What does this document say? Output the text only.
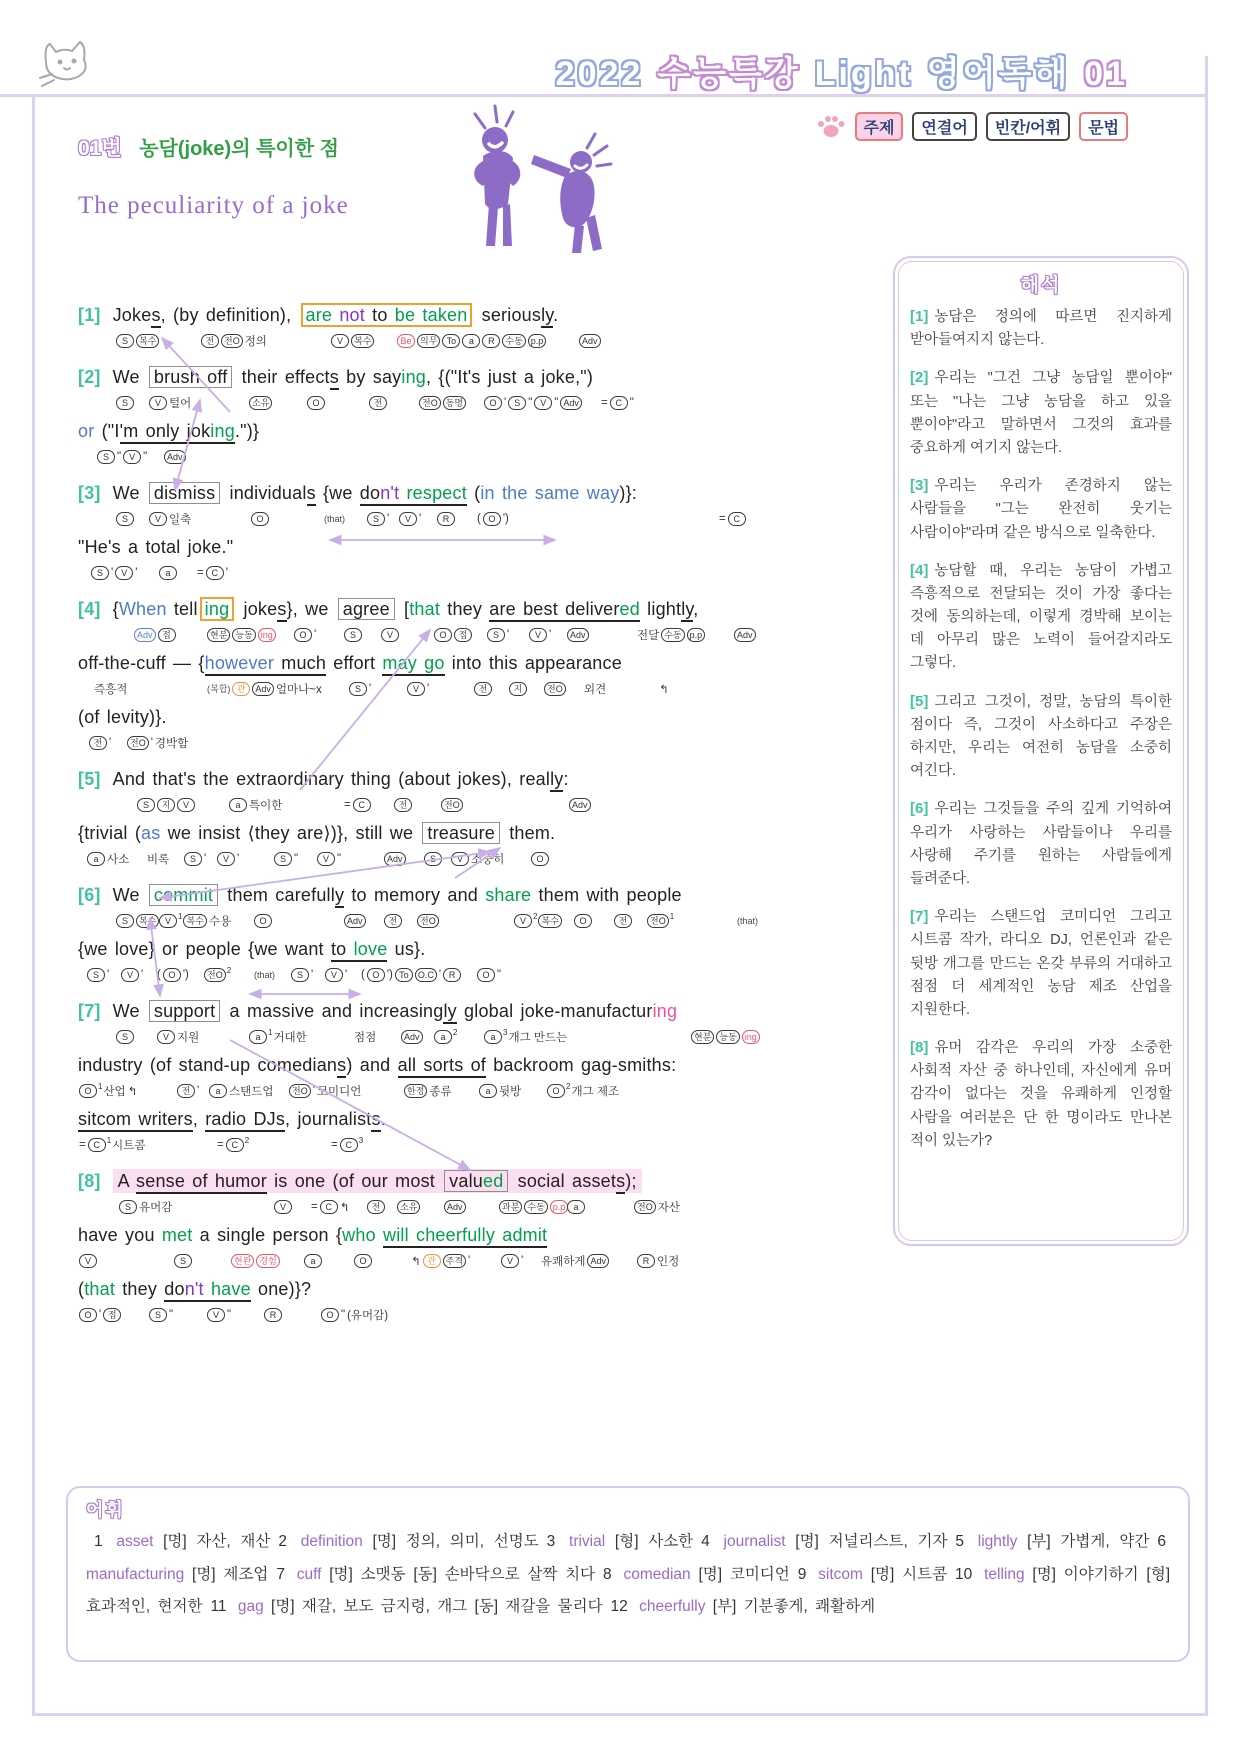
2022 수능특강 Light 영어독해 01
주제	연결어	빈칸/어휘	문법
01번 농담(joke)의 특이한 점
The peculiarity of a joke
[1] Jokes, (by definition), are not to be taken seriously.
S 복수	전 전O 정의	V 복수	Be 의무 To a R 수동 p.p	Adv
[2] We brush off their effects by saying, {("It's just a joke,")
S	V 털어	소유	O	전	전O 동명	O ' S " V " Adv	= C "
or ("I'm only joking.")}
S " V "	Adv
[3] We dismiss individuals {we don't respect (in the same way)}:
S	V 일축	O	(that)	S '	V '	R	( O ')	= C
"He's a total joke."
S ' V '	a	= C '
[4] {When tell ing jokes}, we agree [that they are best delivered lightly,
Adv 접	현분 능동 ing	O '	S	V	O 접	S '	V '	Adv	전달 수동 p.p	Adv
off-the-cuff — {however much effort may go into this appearance
즉흥적	(복합) 관 Adv 얼마나~x	S '	V '	전	지	전O	외견	↰
(of levity)}.
전 '	전O ' 경박함
[5] And that's the extraordinary thing (about jokes), really:
S 지 V	a 특이한	= C	전	전O	Adv
{trivial (as we insist ⟨they are⟩)}, still we treasure them.
a 사소 비록	S '	V '	S "	V "	Adv	S	V 소중히	O
[6] We commit them carefully to memory and share them with people
S 복수 V $^1$ 복수 수용	O	Adv	전	전O	V $^2$ 복수	O	전	전O $^1$	(that)
{we love} or people {we want to love us}.
S '	V ' ( O ')	전O $^2$	(that)	S '	V ' ( O ') To O.C ' R	O "
[7] We support a massive and increasingly global joke-manufacturing
S	V 지원	a $^1$거대한	점점	Adv	a $^2$	a $^3$개그 만드는	현분 능동 ing
industry (of stand-up comedians) and all sorts of backroom gag-smiths:
O $^1$산업 ↰	전 '	a 스탠드업	전O ' 코미디언	한정 종류	a 뒷방	O $^2$개그 제조
sitcom writers, radio DJs, journalists.
= C $^1$시트콤	= C $^2$	= C $^3$
[8] A sense of humor is one (of our most valued social assets);
S 유머감	V	= C ↰	전	소유	Adv	과분 수동 p.p a	전O 자산
have you met a single person {who will cheerfully admit
V	S	현완 경험	a	O	↰ 관 주격 '	V ' 유쾌하게 Adv	R 인정
(that they don't have one)}?
O ' 접	S "	V "	R	O " (유머감)
해석

[1] 농담은 정의에 따르면 진지하게 받아들여지지 않는다.

[2] 우리는 "그건 그냥 농담일 뿐이야" 또는 "나는 그냥 농담을 하고 있을 뿐이야"라고 말하면서 그것의 효과를 중요하게 여기지 않는다.

[3] 우리는 우리가 존경하지 않는 사람들을 "그는 완전히 웃기는 사람이야"라며 같은 방식으로 일축한다.

[4] 농담할 때, 우리는 농담이 가볍고 즉흥적으로 전달되는 것이 가장 좋다는 것에 동의하는데, 이렇게 경박해 보이는 데 아무리 많은 노력이 들어갈지라도 그렇다.

[5] 그리고 그것이, 정말, 농담의 특이한 점이다 즉, 그것이 사소하다고 주장은 하지만, 우리는 여전히 농담을 소중히 여긴다.

[6] 우리는 그것들을 주의 깊게 기억하여 우리가 사랑하는 사람들이나 우리를 사랑해 주기를 원하는 사람들에게 들려준다.

[7] 우리는 스탠드업 코미디언 그리고 시트콤 작가, 라디오 DJ, 언론인과 같은 뒷방 개그를 만드는 온갖 부류의 거대하고 점점 더 세계적인 농담 제조 산업을 지원한다.

[8] 유머 감각은 우리의 가장 소중한 사회적 자산 중 하나인데, 자신에게 유머 감각이 없다는 것을 유쾌하게 인정할 사람을 여러분은 단 한 명이라도 만나본 적이 있는가?

어휘
1 asset [명] 자산, 재산 2 definition [명] 정의, 의미, 선명도 3 trivial [형] 사소한 4 journalist [명] 저널리스트, 기자 5 lightly [부] 가볍게, 약간 6 manufacturing [명] 제조업 7 cuff [명] 소맷동 [동] 손바닥으로 살짝 치다 8 comedian [명] 코미디언 9 sitcom [명] 시트콤 10 telling [명] 이야기하기 [형] 효과적인, 현저한 11 gag [명] 재갈, 보도 금지령, 개그 [동] 재갈을 물리다 12 cheerfully [부] 기분좋게, 쾌활하게
